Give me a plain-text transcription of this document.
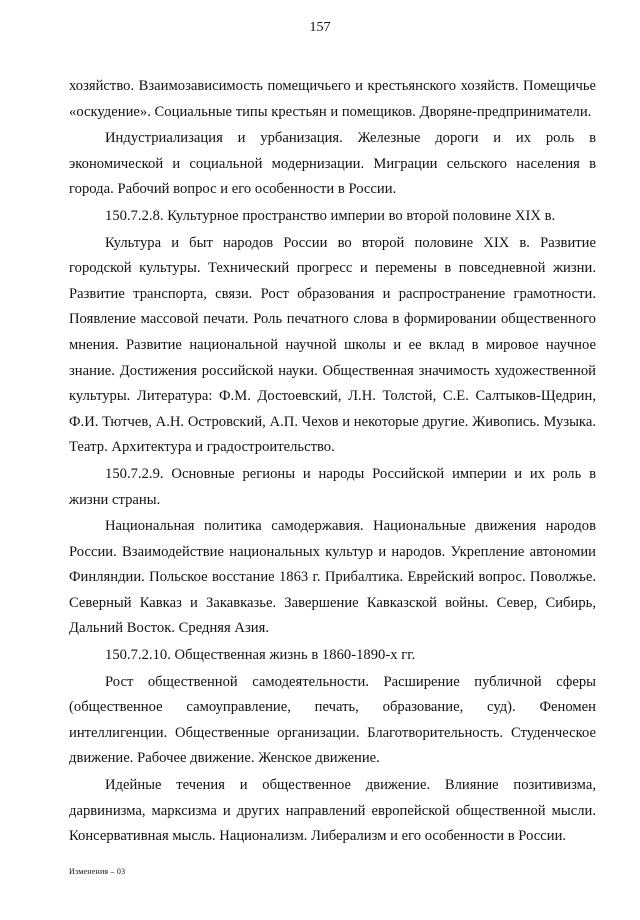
157

хозяйство. Взаимозависимость помещичьего и крестьянского хозяйств. Помещичье «оскудение». Социальные типы крестьян и помещиков. Дворяне-предприниматели.

Индустриализация и урбанизация. Железные дороги и их роль в экономической и социальной модернизации. Миграции сельского населения в города. Рабочий вопрос и его особенности в России.

150.7.2.8. Культурное пространство империи во второй половине XIX в.

Культура и быт народов России во второй половине XIX в. Развитие городской культуры. Технический прогресс и перемены в повседневной жизни. Развитие транспорта, связи. Рост образования и распространение грамотности. Появление массовой печати. Роль печатного слова в формировании общественного мнения. Развитие национальной научной школы и ее вклад в мировое научное знание. Достижения российской науки. Общественная значимость художественной культуры. Литература: Ф.М. Достоевский, Л.Н. Толстой, С.Е. Салтыков-Щедрин, Ф.И. Тютчев, А.Н. Островский, А.П. Чехов и некоторые другие. Живопись. Музыка. Театр. Архитектура и градостроительство.

150.7.2.9. Основные регионы и народы Российской империи и их роль в жизни страны.

Национальная политика самодержавия. Национальные движения народов России. Взаимодействие национальных культур и народов. Укрепление автономии Финляндии. Польское восстание 1863 г. Прибалтика. Еврейский вопрос. Поволжье. Северный Кавказ и Закавказье. Завершение Кавказской войны. Север, Сибирь, Дальний Восток. Средняя Азия.

150.7.2.10. Общественная жизнь в 1860-1890-х гг.

Рост общественной самодеятельности. Расширение публичной сферы (общественное самоуправление, печать, образование, суд). Феномен интеллигенции. Общественные организации. Благотворительность. Студенческое движение. Рабочее движение. Женское движение.

Идейные течения и общественное движение. Влияние позитивизма, дарвинизма, марксизма и других направлений европейской общественной мысли. Консервативная мысль. Национализм. Либерализм и его особенности в России.

Изменения – 03
